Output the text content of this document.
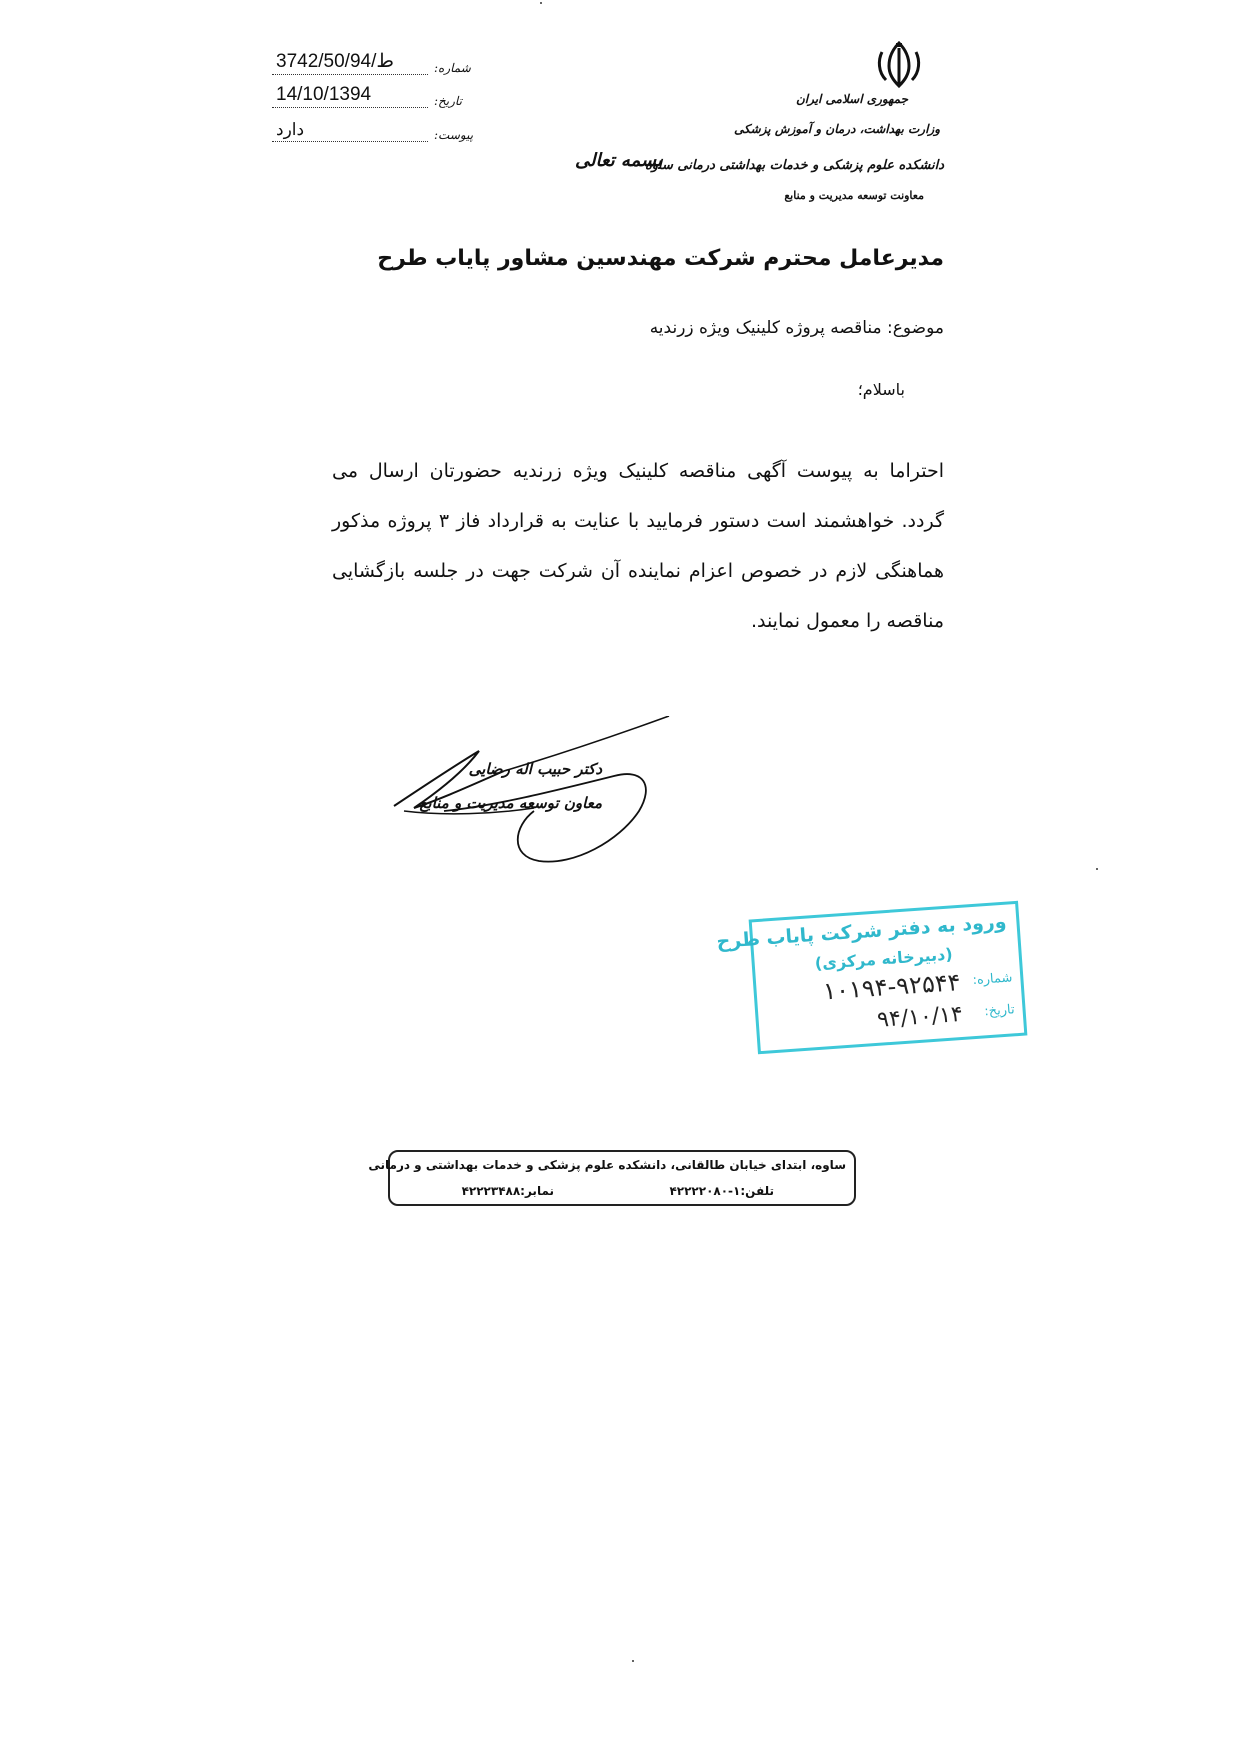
شماره:
3742/50/ط/94
تاریخ:
14/10/1394
پیوست:
دارد
جمهوری اسلامی ایران
وزارت بهداشت، درمان و آموزش پزشکی
دانشکده علوم پزشکی و خدمات بهداشتی درمانی ساوه
معاونت توسعه مدیریت و منابع
بسمه تعالی
مدیرعامل محترم شرکت مهندسین مشاور پایاب طرح
موضوع: مناقصه پروژه کلینیک ویژه زرندیه
باسلام؛
احتراما به پیوست آگهی مناقصه کلینیک ویژه زرندیه حضورتان ارسال می گردد. خواهشمند است دستور فرمایید با عنایت به قرارداد فاز ۳ پروژه مذکور هماهنگی لازم در خصوص اعزام نماینده آن شرکت جهت در جلسه بازگشایی مناقصه را معمول نمایند.
دکتر حبیب اله رضایی
معاون توسعه مدیریت و منابع
ورود به دفتر شرکت پایاب طرح
(دبیرخانه مرکزی)
شماره:
۱۰۱۹۴-۹۲۵۴۴
تاریخ:
۹۴/۱۰/۱۴
ساوه، ابتدای خیابان طالقانی، دانشکده علوم پزشکی و خدمات بهداشتی و درمانی
تلفن:۱-۴۲۲۲۲۰۸۰
نمابر:۴۲۲۲۳۴۸۸
